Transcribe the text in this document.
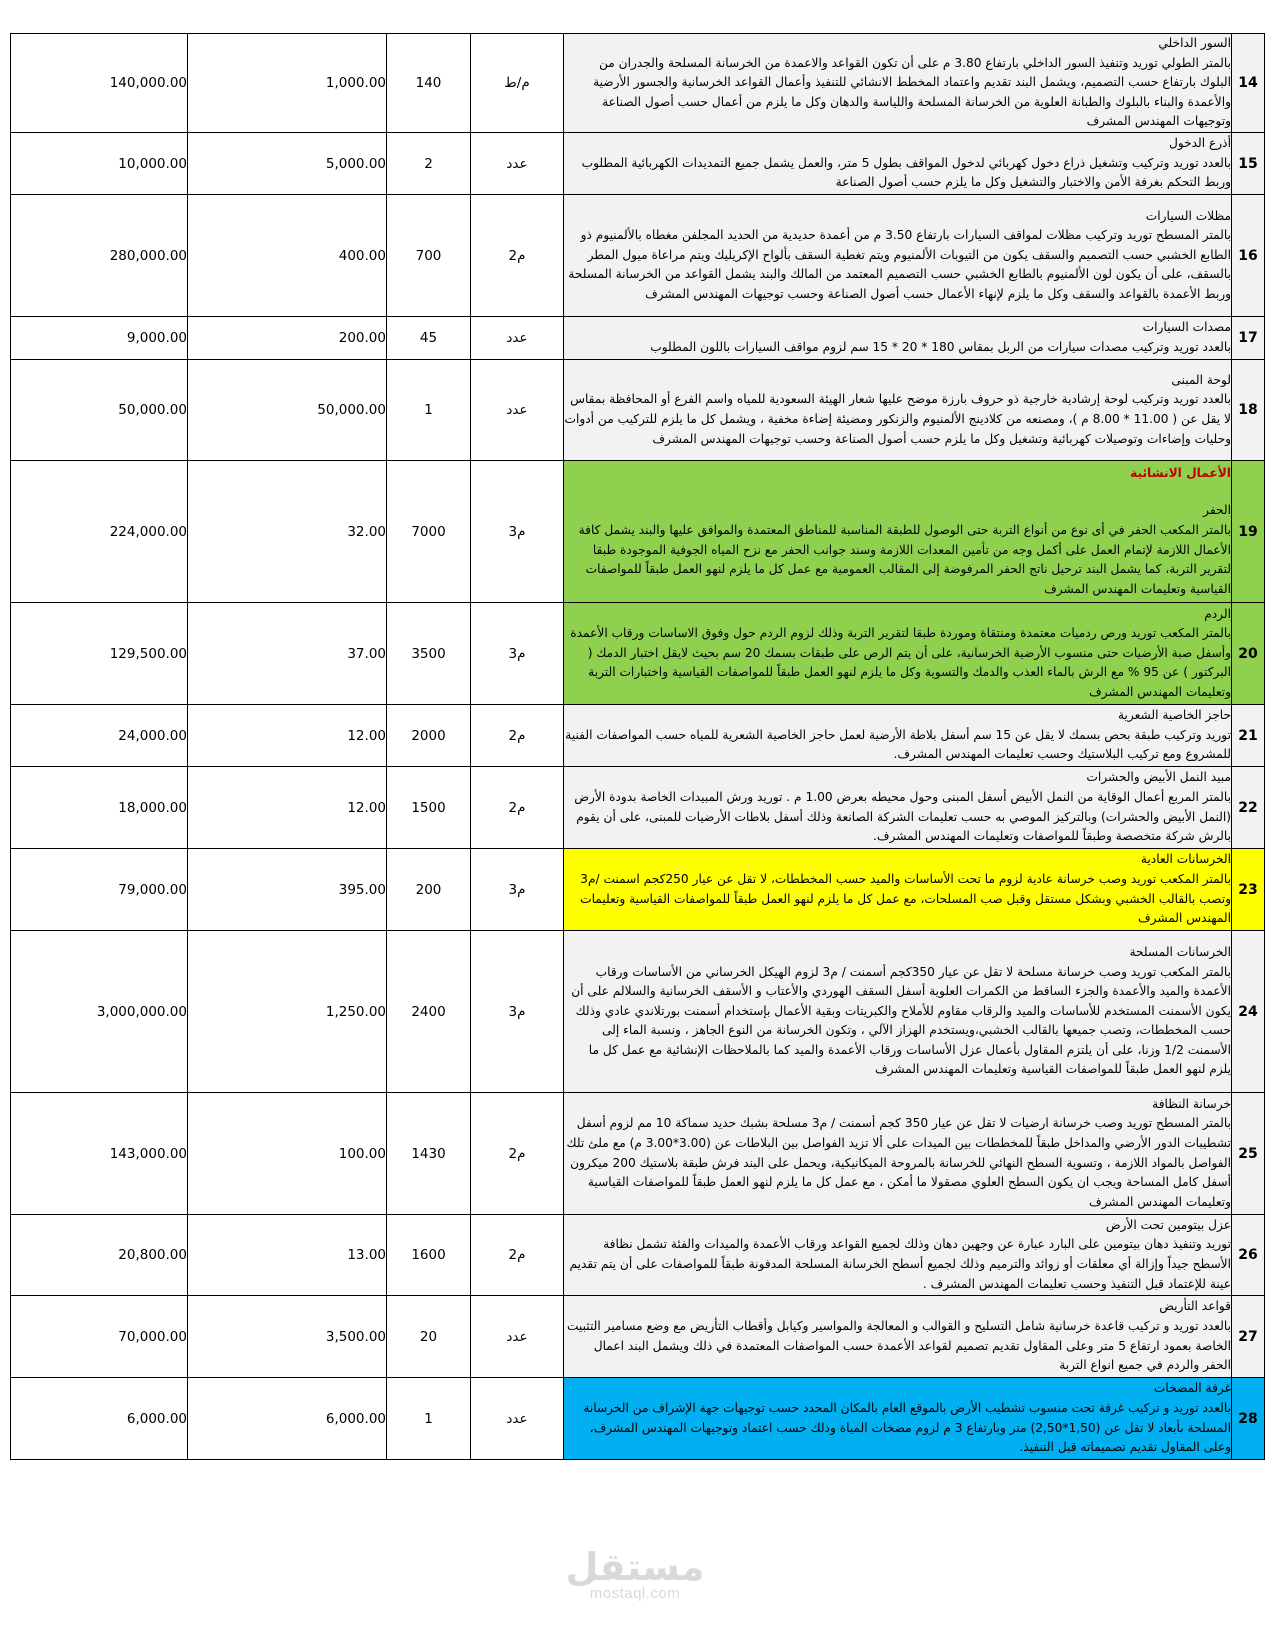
140,000.00	1,000.00	140	م/ط	السور الداخلي
بالمتر الطولي توريد وتنفيذ السور الداخلي بارتفاع 3.80 م على أن تكون القواعد والاعمدة من الخرسانة المسلحة والجدران من البلوك بارتفاع حسب التصميم، ويشمل البند تقديم واعتماد المخطط الانشائي للتنفيذ وأعمال القواعد الخرسانية والجسور الأرضية والأعمدة والبناء بالبلوك والطبانة العلوية من الخرسانة المسلحة واللياسة والدهان وكل ما يلزم من أعمال حسب أصول الصناعة وتوجيهات المهندس المشرف	14
10,000.00	5,000.00	2	عدد	أذرع الدخول
بالعدد توريد وتركيب وتشغيل ذراع دخول كهربائي لدخول المواقف بطول 5 متر، والعمل يشمل جميع التمديدات الكهربائية المطلوب وربط التحكم بغرفة الأمن والاختبار والتشغيل وكل ما يلزم حسب أصول الصناعة	15
280,000.00	400.00	700	م2	مظلات السيارات
بالمتر المسطح توريد وتركيب مظلات لمواقف السيارات بارتفاع 3.50 م من أعمدة حديدية من الحديد المجلفن مغطاه بالألمنيوم ذو الطابع الخشبي حسب التصميم والسقف يكون من التيوبات الألمنيوم ويتم تغطية السقف بألواح الإكريليك ويتم مراعاة ميول المطر بالسقف، على أن يكون لون الألمنيوم بالطابع الخشبي حسب التصميم المعتمد من المالك والبند يشمل القواعد من الخرسانة المسلحة وربط الأعمدة بالقواعد والسقف وكل ما يلزم لإنهاء الأعمال حسب أصول الصناعة وحسب توجيهات المهندس المشرف	16
9,000.00	200.00	45	عدد	مصدات السيارات
بالعدد توريد وتركيب مصدات سيارات من الربل بمقاس 180 * 20 * 15 سم لزوم مواقف السيارات باللون المطلوب	17
50,000.00	50,000.00	1	عدد	لوحة المبنى
بالعدد توريد وتركيب لوحة إرشادية خارجية ذو حروف بارزة موضح عليها شعار الهيئة السعودية للمياه واسم الفرع أو المحافظة بمقاس لا يقل عن ( 11.00 * 8.00 م )، ومصنعه من كلادينج الألمنيوم والزنكور ومضيئة إضاءة مخفية ، ويشمل كل ما يلزم للتركيب من أدوات وحليات وإضاءات وتوصيلات كهربائية وتشغيل وكل ما يلزم حسب أصول الصناعة وحسب توجيهات المهندس المشرف	18
224,000.00	32.00	7000	م3	الأعمال الانشائية
الحفر
بالمتر المكعب الحفر في أى نوع من أنواع التربة حتى الوصول للطبقة المناسبة للمناطق المعتمدة والموافق عليها والبند يشمل كافة الأعمال اللازمة لإتمام العمل على أكمل وجه من تأمين المعدات اللازمة وسند جوانب الحفر مع نزح المياه الجوفية الموجودة طبقا لتقرير التربة، كما يشمل البند ترحيل ناتج الحفر المرفوضة إلى المقالب العمومية مع عمل كل ما يلزم لنهو العمل طبقاً للمواصفات القياسية وتعليمات المهندس المشرف	19
129,500.00	37.00	3500	م3	الردم
بالمتر المكعب توريد ورص ردميات معتمدة ومنتقاة وموردة طبقا لتقرير التربة وذلك لزوم الردم حول وفوق الاساسات ورقاب الأعمدة وأسفل صبة الأرضيات حتى منسوب الأرضية الخرسانية، على أن يتم الرص على طبقات بسمك 20 سم بحيث لايقل اختبار الدمك ( البركتور ) عن 95 % مع الرش بالماء العذب والدمك والتسوية وكل ما يلزم لنهو العمل طبقاً للمواصفات القياسية واختبارات التربة وتعليمات المهندس المشرف	20
24,000.00	12.00	2000	م2	حاجز الخاصية الشعرية
توريد وتركيب طبقة بحص بسمك لا يقل عن 15 سم أسفل بلاطة الأرضية لعمل حاجز الخاصية الشعرية للمياه حسب المواصفات الفنية للمشروع ومع تركيب البلاستيك وحسب تعليمات المهندس المشرف.	21
18,000.00	12.00	1500	م2	مبيد النمل الأبيض والحشرات
بالمتر المربع أعمال الوقاية من النمل الأبيض أسفل المبنى وحول محيطه بعرض 1.00 م . توريد ورش المبيدات الخاصة بدودة الأرض (النمل الأبيض والحشرات) وبالتركيز الموصي به حسب تعليمات الشركة الصانعة وذلك أسفل بلاطات الأرضيات للمبنى، على أن يقوم بالرش شركة متخصصة وطبقاً للمواصفات وتعليمات المهندس المشرف.	22
79,000.00	395.00	200	م3	الخرسانات العادية
بالمتر المكعب توريد وصب خرسانة عادية لزوم ما تحت الأساسات والميد حسب المخططات، لا تقل عن عيار 250كجم اسمنت /م3 وتصب بالقالب الخشبي وبشكل مستقل وقبل صب المسلحات، مع عمل كل ما يلزم لنهو العمل طبقاً للمواصفات القياسية وتعليمات المهندس المشرف	23
3,000,000.00	1,250.00	2400	م3	الخرسانات المسلحة
بالمتر المكعب توريد وصب خرسانة مسلحة لا تقل عن عيار 350كجم أسمنت / م3 لزوم الهيكل الخرساني من الأساسات ورقاب الأعمدة والميد والأعمدة والجزء الساقط من الكمرات العلوية أسفل السقف الهوردي والأعتاب و الأسقف الخرسانية والسلالم على أن يكون الأسمنت المستخدم للأساسات والميد والرقاب مقاوم للأملاح والكبريتات وبقية الأعمال بإستخدام أسمنت بورتلاندي عادي وذلك حسب المخططات، وتصب جميعها بالقالب الخشبي،ويستخدم الهزاز الآلي ، وتكون الخرسانة من النوع الجاهز ، ونسبة الماء إلى الأسمنت 1/2 وزنا، على أن يلتزم المقاول بأعمال عزل الأساسات ورقاب الأعمدة والميد كما بالملاحظات الإنشائية مع عمل كل ما يلزم لنهو العمل طبقاً للمواصفات القياسية وتعليمات المهندس المشرف	24
143,000.00	100.00	1430	م2	خرسانة النظافة
بالمتر المسطح توريد وصب خرسانة ارضيات لا تقل عن عيار 350 كجم أسمنت / م3 مسلحة بشبك حديد سماكة 10 مم لزوم أسفل تشطيبات الدور الأرضي والمداخل طبقاً للمخططات بين الميدات على ألا تزيد الفواصل بين البلاطات عن (3.00*3.00 م) مع ملئ تلك الفواصل بالمواد اللازمة ، وتسوية السطح النهائي للخرسانة بالمروحة الميكانيكية، ويحمل على البند فرش طبقة بلاستيك 200 ميكرون أسفل كامل المساحة ويجب ان يكون السطح العلوي مصقولا ما أمكن ، مع عمل كل ما يلزم لنهو العمل طبقاً للمواصفات القياسية وتعليمات المهندس المشرف	25
20,800.00	13.00	1600	م2	عزل بيتومين تحت الأرض
توريد وتنفيذ دهان بيتومين على البارد عبارة عن وجهين دهان وذلك لجميع القواعد ورقاب الأعمدة والميدات والفئة تشمل نظافة الأسطح جيداً وإزالة أي معلقات أو زوائد والترميم وذلك لجميع أسطح الخرسانة المسلحة المدفونة طبقاً للمواصفات على أن يتم تقديم عينة للإعتماد قبل التنفيذ وحسب تعليمات المهندس المشرف .	26
70,000.00	3,500.00	20	عدد	قواعد التأريض
بالعدد توريد و تركيب قاعدة خرسانية شامل التسليح و القوالب و المعالجة والمواسير وكيابل وأقطاب التأريض مع وضع مسامير التثبيت الخاصة بعمود ارتفاع 5 متر وعلى المقاول تقديم تصميم لقواعد الأعمدة حسب المواصفات المعتمدة في ذلك ويشمل البند اعمال الحفر والردم في جميع انواع التربة	27
6,000.00	6,000.00	1	عدد	غرفة المضخات
بالعدد توريد و تركيب غرفة تحت منسوب تشطيب الأرض بالموقع العام بالمكان المحدد حسب توجيهات جهة الإشراف من الخرسانة المسلحة بأبعاد لا تقل عن (1,50*2,50) متر وبارتفاع 3 م لزوم مضخات المياة وذلك حسب اعتماد وتوجيهات المهندس المشرف، وعلى المقاول تقديم تصميماته قبل التنفيذ.	28
مستقل
mostaql.com
